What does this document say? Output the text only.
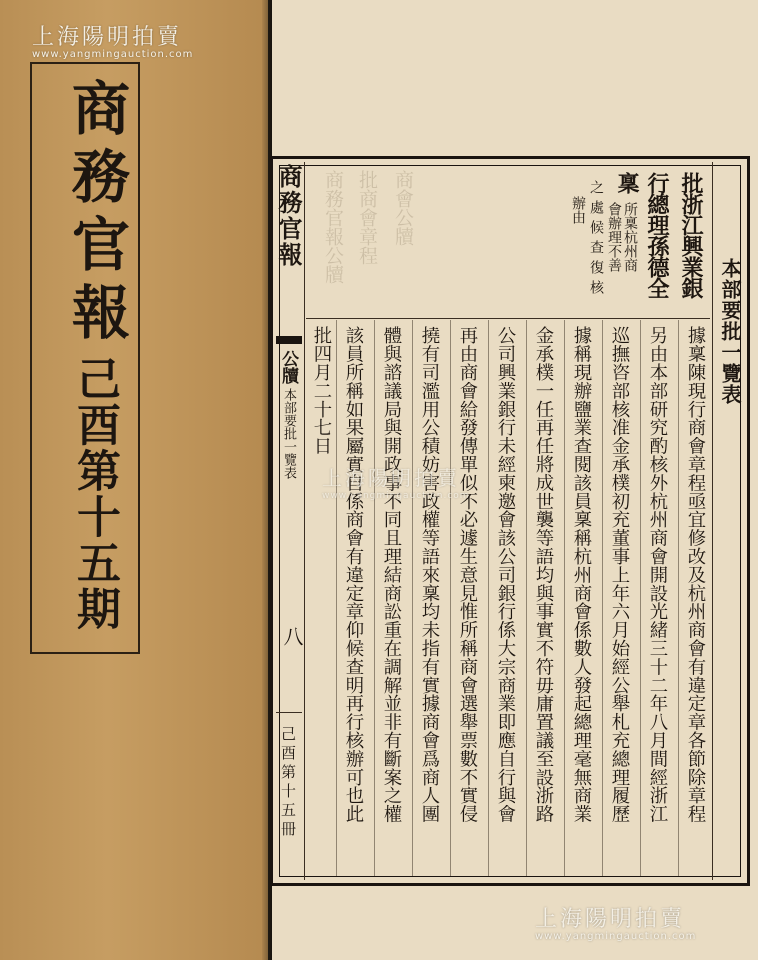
商務官報
己酉第十五期
商務官報公牘 批商會章程 商會公牘
商務官報
公牘
本部要批一覽表
八
己酉第十五冊
本部要批一覽表
批浙江興業銀
行總理孫德全
稟
所稟杭州商
會辦理不善
之處候查復核
辦由
據稟陳現行商會章程亟宜修改及杭州商會有違定章各節除章程
另由本部研究酌核外杭州商會開設光緒三十二年八月間經浙江
巡撫咨部核准金承樸初充董事上年六月始經公舉札充總理履歷
據稱現辦鹽業查閱該員稟稱杭州商會係數人發起總理毫無商業
金承樸一任再任將成世襲等語均與事實不符毋庸置議至設浙路
公司興業銀行未經柬邀會該公司銀行係大宗商業即應自行與會
再由商會給發傳單似不必遽生意見惟所稱商會選舉票數不實侵
撓有司濫用公積妨害政權等語來稟均未指有實據商會爲商人團
體與諮議局與開政事不同且理結商訟重在調解並非有斷案之權
該員所稱如果屬實自係商會有違定章仰候查明再行核辦可也此
批四月二十七日
上海陽明拍賣
www.yangmingauction.com
上海陽明拍賣
www.yangmingauction.com
上海陽明拍賣
www.yangmingauction.com
